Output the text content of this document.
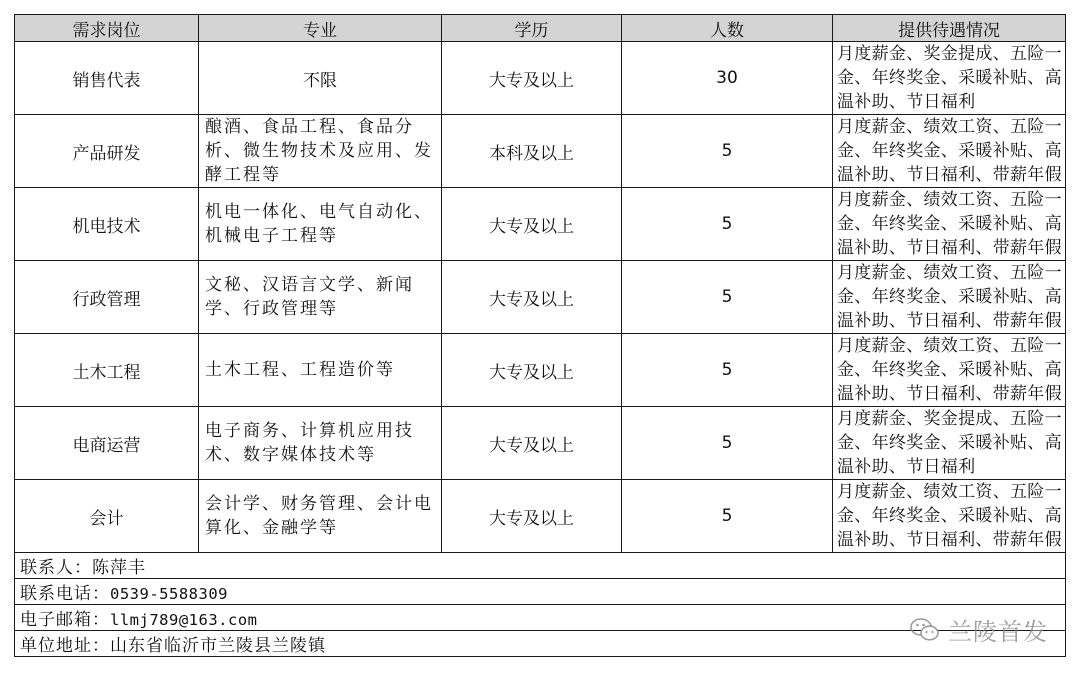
需求岗位	专业	学历	人数	提供待遇情况
销售代表	不限	大专及以上	30	月度薪金、奖金提成、五险一金、年终奖金、采暖补贴、高温补助、节日福利
产品研发	酿酒、食品工程、食品分析、微生物技术及应用、发酵工程等	本科及以上	5	月度薪金、绩效工资、五险一金、年终奖金、采暖补贴、高温补助、节日福利、带薪年假
机电技术	机电一体化、电气自动化、机械电子工程等	大专及以上	5	月度薪金、绩效工资、五险一金、年终奖金、采暖补贴、高温补助、节日福利、带薪年假
行政管理	文秘、汉语言文学、新闻学、行政管理等	大专及以上	5	月度薪金、绩效工资、五险一金、年终奖金、采暖补贴、高温补助、节日福利、带薪年假
土木工程	土木工程、工程造价等	大专及以上	5	月度薪金、绩效工资、五险一金、年终奖金、采暖补贴、高温补助、节日福利、带薪年假
电商运营	电子商务、计算机应用技术、数字媒体技术等	大专及以上	5	月度薪金、奖金提成、五险一金、年终奖金、采暖补贴、高温补助、节日福利
会计	会计学、财务管理、会计电算化、金融学等	大专及以上	5	月度薪金、绩效工资、五险一金、年终奖金、采暖补贴、高温补助、节日福利、带薪年假
联系人：陈萍丰				
联系电话：0539-5588309				
电子邮箱：llmj789@163.com				
单位地址：山东省临沂市兰陵县兰陵镇					兰陵首发
